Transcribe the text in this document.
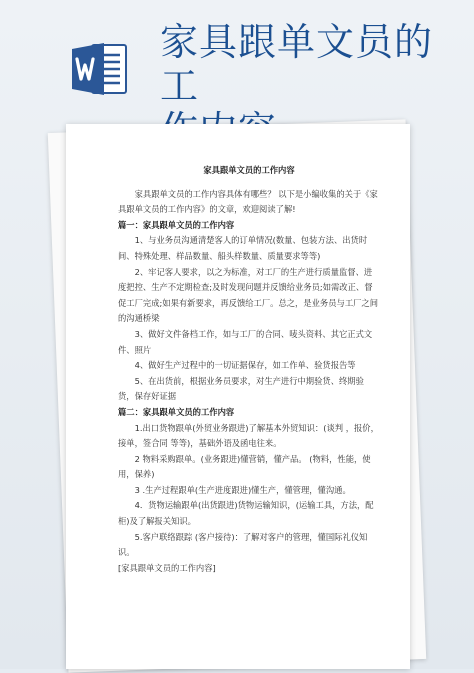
家具跟单文员的工

家具跟单文员的工作内容

家具跟单文员的工作内容具体有哪些？ 以下是小编收集的关于《家具跟单文员的工作内容》的文章，欢迎阅读了解!

篇一：家具跟单文员的工作内容

1、与业务员沟通清楚客人的订单情况(数量、包装方法、出货时间、特殊处理、样品数量、船头样数量、质量要求等等)

2、牢记客人要求，以之为标准，对工厂的生产进行质量监督、进度把控、生产不定期检查;及时发现问题并反馈给业务员;如需改正、督促工厂完成;如果有新要求，再反馈给工厂。总之，是业务员与工厂之间的沟通桥梁

3、做好文件备档工作，如与工厂的合同、唛头资料、其它正式文件、照片

4、做好生产过程中的一切证据保存，如工作单、验货报告等

5、在出货前，根据业务员要求，对生产进行中期验货、终期验货，保存好证据

篇二：家具跟单文员的工作内容

1.出口货物跟单(外贸业务跟进)了解基本外贸知识：(谈判 ，报价，接单，签合同 等等)，基础外语及函电往来。

2 物料采购跟单。(业务跟进)懂营销，懂产品。 (物料，性能，使用，保养)

3 .生产过程跟单(生产进度跟进)懂生产，懂管理，懂沟通。

4．货物运输跟单(出货跟进)货物运输知识，(运输工具，方法，配柜)及了解报关知识。

5.客户联络跟踪 (客户接待)：了解对客户的管理，懂国际礼仪知识。

[家具跟单文员的工作内容]
